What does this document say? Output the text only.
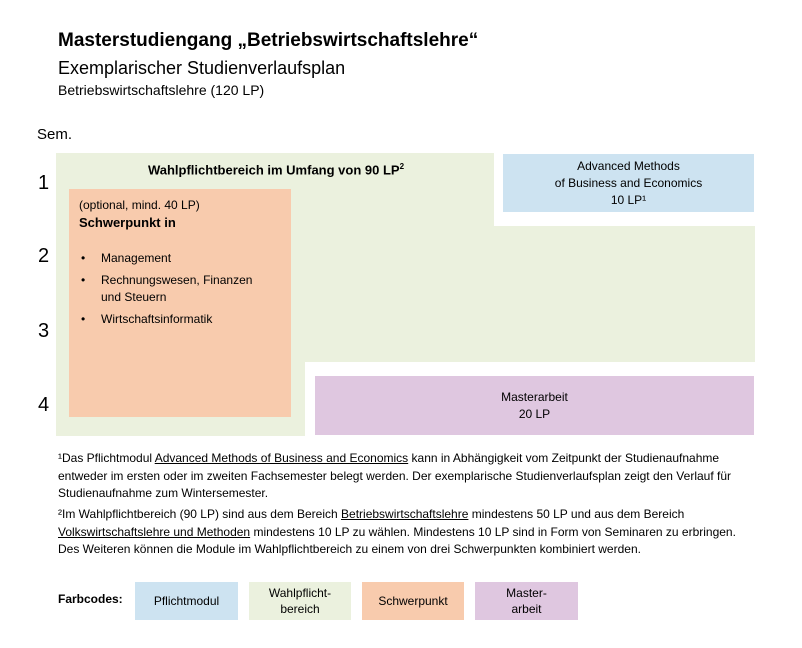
Masterstudiengang „Betriebswirtschaftslehre“
Exemplarischer Studienverlaufsplan
Betriebswirtschaftslehre (120 LP)
Sem.
1
2
3
4
Wahlpflichtbereich im Umfang von 90 $LP^2$	Advanced Methods
of Business and Economics
10 LP¹
(optional, mind. 40 LP)
Schwerpunkt in
• Management
• Rechnungswesen, Finanzen und Steuern
• Wirtschaftsinformatik
Masterarbeit
20 LP
¹Das Pflichtmodul Advanced Methods of Business and Economics kann in Abhängigkeit vom Zeitpunkt der Studienaufnahme entweder im ersten oder im zweiten Fachsemester belegt werden. Der exemplarische Studienverlaufsplan zeigt den Verlauf für Studienaufnahme zum Wintersemester.
²Im Wahlpflichtbereich (90 LP) sind aus dem Bereich Betriebswirtschaftslehre mindestens 50 LP und aus dem Bereich Volkswirtschaftslehre und Methoden mindestens 10 LP zu wählen. Mindestens 10 LP sind in Form von Seminaren zu erbringen. Des Weiteren können die Module im Wahlpflichtbereich zu einem von drei Schwerpunkten kombiniert werden.
Farbcodes:	Pflichtmodul
Wahlpflicht-
bereich
Schwerpunkt
Master-
arbeit
